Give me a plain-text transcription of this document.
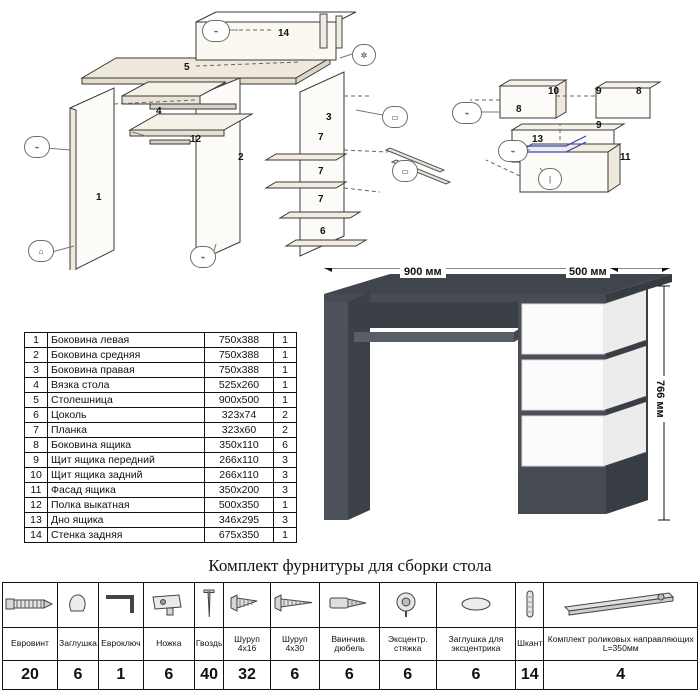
14
5
4
12
2
1
3
7
7
7
6
10	9	8
8
9
13
11
⌁
⌂
⌁
⌁
✲
▭
▭
⌁
⌁
|
1	Боковина левая	750x388	1
2	Боковина средняя	750x388	1
3	Боковина правая	750x388	1
4	Вязка стола	525x260	1
5	Столешница	900x500	1
6	Цоколь	323x74	2
7	Планка	323x60	2
8	Боковина ящика	350x110	6
9	Щит ящика передний	266x110	3
10	Щит ящика задний	266x110	3
11	Фасад ящика	350x200	3
12	Полка выкатная	500x350	1
13	Дно ящика	346x295	3
14	Стенка задняя	675x350	1
900 мм	500 мм
766 мм
Комплект фурнитуры для сборки стола

Евровинт	Заглушка	Евроключ	Ножка	Гвоздь	Шуруп 4х16	Шуруп 4х30	Ввинчив. дюбель	Эксцентр. стяжка	Заглушка для эксцентрика	Шкант	Комплект роликовых направляющих L=350мм
20	6	1	6	40	32	6	6	6	6	14	4
